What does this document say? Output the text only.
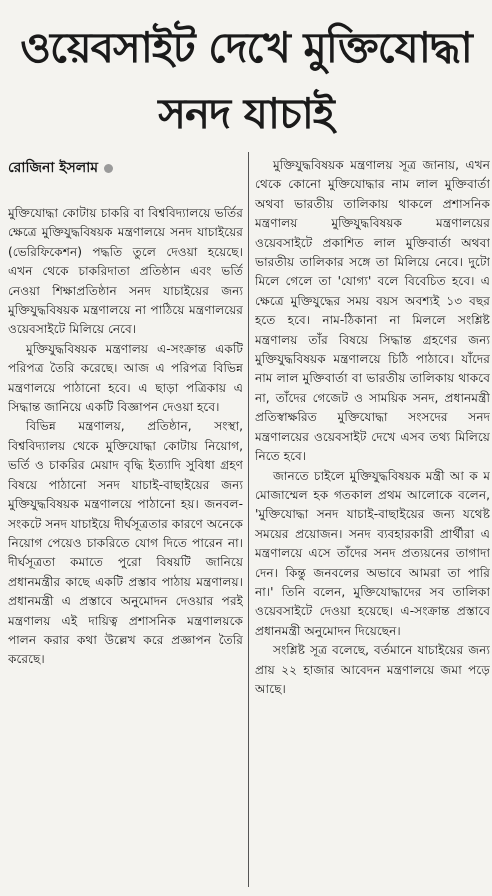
ওয়েবসাইট দেখে মুক্তিযোদ্ধা
সনদ যাচাই
রোজিনা ইসলাম

মুক্তিযোদ্ধা কোটায় চাকরি বা বিশ্ববিদ্যালয়ে ভর্তির ক্ষেত্রে মুক্তিযুদ্ধবিষয়ক মন্ত্রণালয়ে সনদ যাচাইয়ের (ভেরিফিকেশন) পদ্ধতি তুলে দেওয়া হয়েছে। এখন থেকে চাকরিদাতা প্রতিষ্ঠান এবং ভর্তি নেওয়া শিক্ষাপ্রতিষ্ঠান সনদ যাচাইয়ের জন্য মুক্তিযুদ্ধবিষয়ক মন্ত্রণালয়ে না পাঠিয়ে মন্ত্রণালয়ের ওয়েবসাইটে মিলিয়ে নেবে।

মুক্তিযুদ্ধবিষয়ক মন্ত্রণালয় এ-সংক্রান্ত একটি পরিপত্র তৈরি করেছে। আজ এ পরিপত্র বিভিন্ন মন্ত্রণালয়ে পাঠানো হবে। এ ছাড়া পত্রিকায় এ সিদ্ধান্ত জানিয়ে একটি বিজ্ঞাপন দেওয়া হবে।

বিভিন্ন মন্ত্রণালয়, প্রতিষ্ঠান, সংস্থা, বিশ্ববিদ্যালয় থেকে মুক্তিযোদ্ধা কোটায় নিয়োগ, ভর্তি ও চাকরির মেয়াদ বৃদ্ধি ইত্যাদি সুবিধা গ্রহণ বিষয়ে পাঠানো সনদ যাচাই-বাছাইয়ের জন্য মুক্তিযুদ্ধবিষয়ক মন্ত্রণালয়ে পাঠানো হয়। জনবল-সংকটে সনদ যাচাইয়ে দীর্ঘসূত্রতার কারণে অনেকে নিয়োগ পেয়েও চাকরিতে যোগ দিতে পারেন না। দীর্ঘসূত্রতা কমাতে পুরো বিষয়টি জানিয়ে প্রধানমন্ত্রীর কাছে একটি প্রস্তাব পাঠায় মন্ত্রণালয়। প্রধানমন্ত্রী এ প্রস্তাবে অনুমোদন দেওয়ার পরই মন্ত্রণালয় এই দায়িত্ব প্রশাসনিক মন্ত্রণালয়কে পালন করার কথা উল্লেখ করে প্রজ্ঞাপন তৈরি করেছে।

মুক্তিযুদ্ধবিষয়ক মন্ত্রণালয় সূত্র জানায়, এখন থেকে কোনো মুক্তিযোদ্ধার নাম লাল মুক্তিবার্তা অথবা ভারতীয় তালিকায় থাকলে প্রশাসনিক মন্ত্রণালয় মুক্তিযুদ্ধবিষয়ক মন্ত্রণালয়ের ওয়েবসাইটে প্রকাশিত লাল মুক্তিবার্তা অথবা ভারতীয় তালিকার সঙ্গে তা মিলিয়ে নেবে। দুটো মিলে গেলে তা 'যোগ্য' বলে বিবেচিত হবে। এ ক্ষেত্রে মুক্তিযুদ্ধের সময় বয়স অবশ্যই ১৩ বছর হতে হবে। নাম-ঠিকানা না মিললে সংশ্লিষ্ট মন্ত্রণালয় তাঁর বিষয়ে সিদ্ধান্ত গ্রহণের জন্য মুক্তিযুদ্ধবিষয়ক মন্ত্রণালয়ে চিঠি পাঠাবে। যাঁদের নাম লাল মুক্তিবার্তা বা ভারতীয় তালিকায় থাকবে না, তাঁদের গেজেট ও সাময়িক সনদ, প্রধানমন্ত্রী প্রতিস্বাক্ষরিত মুক্তিযোদ্ধা সংসদের সনদ মন্ত্রণালয়ের ওয়েবসাইট দেখে এসব তথ্য মিলিয়ে নিতে হবে।

জানতে চাইলে মুক্তিযুদ্ধবিষয়ক মন্ত্রী আ ক ম মোজাম্মেল হক গতকাল প্রথম আলোকে বলেন, 'মুক্তিযোদ্ধা সনদ যাচাই-বাছাইয়ের জন্য যথেষ্ট সময়ের প্রয়োজন। সনদ ব্যবহারকারী প্রার্থীরা এ মন্ত্রণালয়ে এসে তাঁদের সনদ প্রত্যয়নের তাগাদা দেন। কিন্তু জনবলের অভাবে আমরা তা পারি না।' তিনি বলেন, মুক্তিযোদ্ধাদের সব তালিকা ওয়েবসাইটে দেওয়া হয়েছে। এ-সংক্রান্ত প্রস্তাবে প্রধানমন্ত্রী অনুমোদন দিয়েছেন।

সংশ্লিষ্ট সূত্র বলেছে, বর্তমানে যাচাইয়ের জন্য প্রায় ২২ হাজার আবেদন মন্ত্রণালয়ে জমা পড়ে আছে।
